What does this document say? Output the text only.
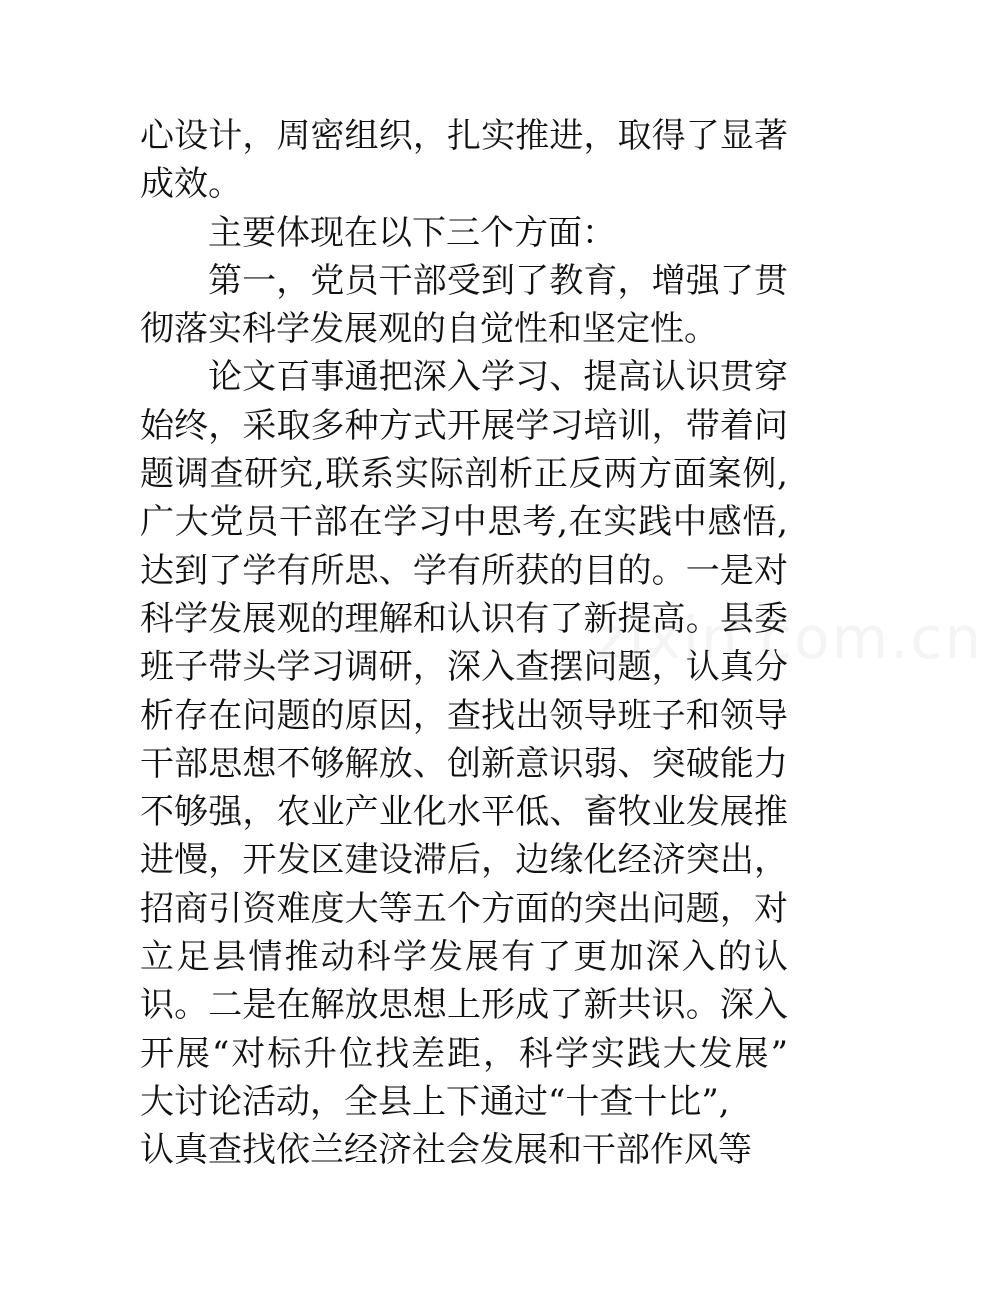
心设计，周密组织，扎实推进，取得了显著
成效。
主要体现在以下三个方面：
第一，党员干部受到了教育，增强了贯
彻落实科学发展观的自觉性和坚定性。
论文百事通把深入学习、提高认识贯穿
始终，采取多种方式开展学习培训，带着问
题调查研究,联系实际剖析正反两方面案例,
广大党员干部在学习中思考,在实践中感悟,
达到了学有所思、学有所获的目的。一是对
科学发展观的理解和认识有了新提高。县委
班子带头学习调研，深入查摆问题，认真分
析存在问题的原因，查找出领导班子和领导
干部思想不够解放、创新意识弱、突破能力
不够强，农业产业化水平低、畜牧业发展推
进慢，开发区建设滞后，边缘化经济突出，
招商引资难度大等五个方面的突出问题，对
立足县情推动科学发展有了更加深入的认
识。二是在解放思想上形成了新共识。深入
开展“对标升位找差距，科学实践大发展”
大讨论活动，全县上下通过“十查十比”,
认真查找依兰经济社会发展和干部作风等
zixin.com.cn
